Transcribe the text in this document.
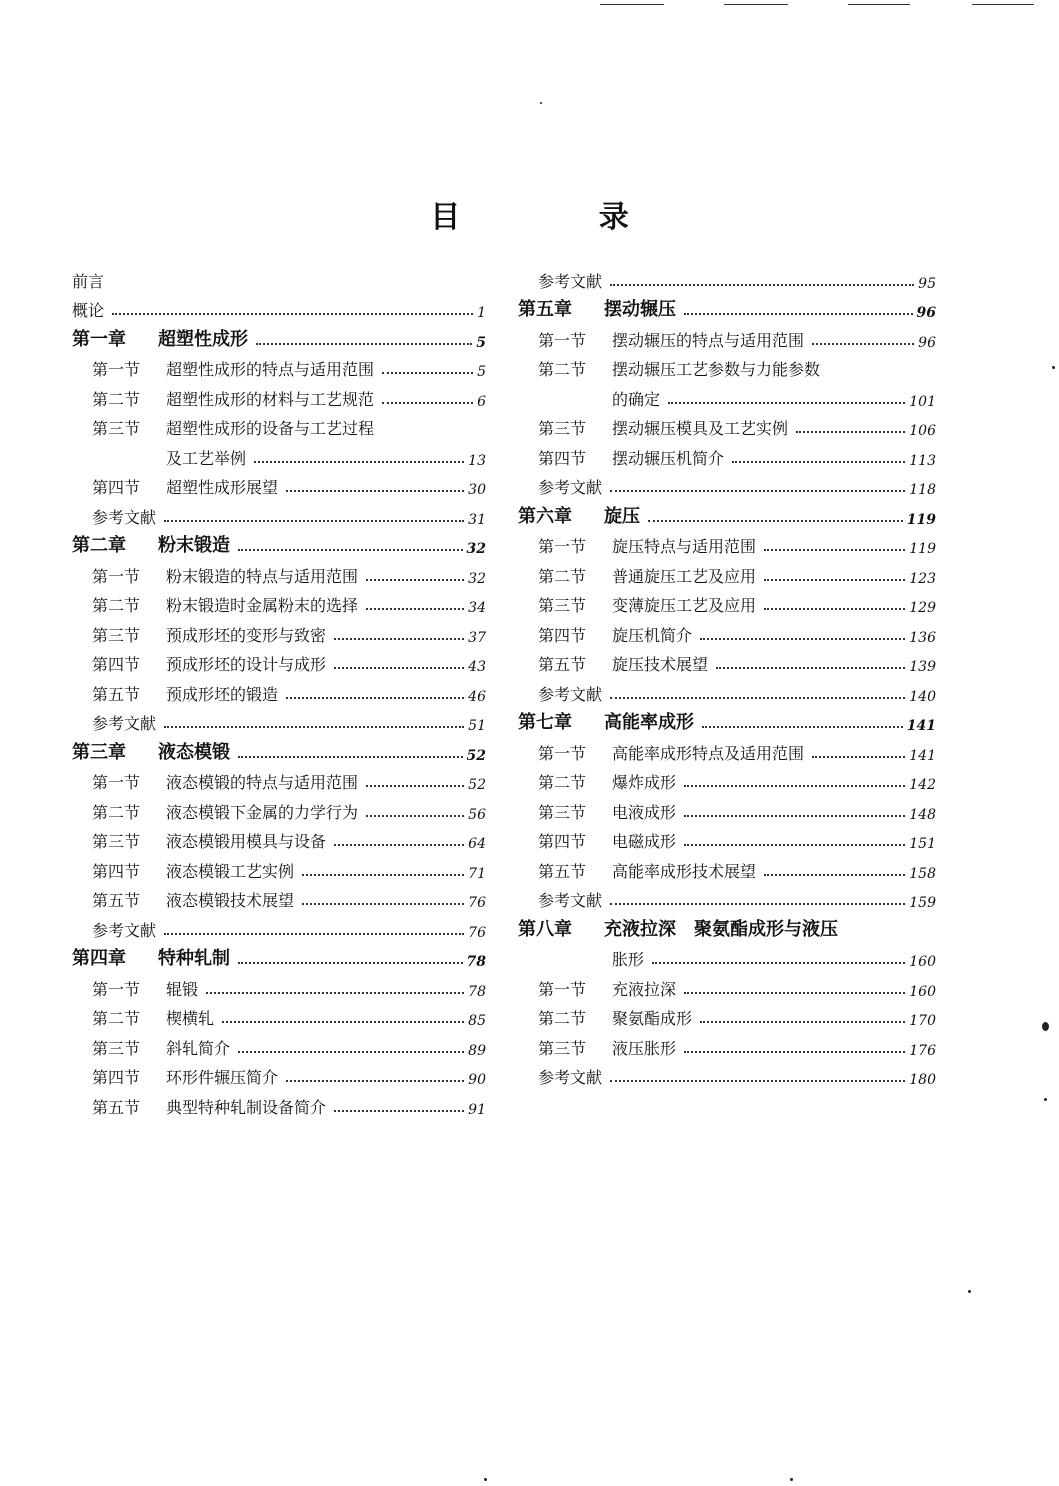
目 录
前言
概论	1
第一章	超塑性成形	5
第一节	超塑性成形的特点与适用范围	5
第二节	超塑性成形的材料与工艺规范	6
第三节	超塑性成形的设备与工艺过程
及工艺举例	13
第四节	超塑性成形展望	30
参考文献	31
第二章	粉末锻造	32
第一节	粉末锻造的特点与适用范围	32
第二节	粉末锻造时金属粉末的选择	34
第三节	预成形坯的变形与致密	37
第四节	预成形坯的设计与成形	43
第五节	预成形坯的锻造	46
参考文献	51
第三章	液态模锻	52
第一节	液态模锻的特点与适用范围	52
第二节	液态模锻下金属的力学行为	56
第三节	液态模锻用模具与设备	64
第四节	液态模锻工艺实例	71
第五节	液态模锻技术展望	76
参考文献	76
第四章	特种轧制	78
第一节	辊锻	78
第二节	楔横轧	85
第三节	斜轧简介	89
第四节	环形件辗压简介	90
第五节	典型特种轧制设备简介	91
参考文献	95
第五章	摆动辗压	96
第一节	摆动辗压的特点与适用范围	96
第二节	摆动辗压工艺参数与力能参数
的确定	101
第三节	摆动辗压模具及工艺实例	106
第四节	摆动辗压机简介	113
参考文献	118
第六章	旋压	119
第一节	旋压特点与适用范围	119
第二节	普通旋压工艺及应用	123
第三节	变薄旋压工艺及应用	129
第四节	旋压机简介	136
第五节	旋压技术展望	139
参考文献	140
第七章	高能率成形	141
第一节	高能率成形特点及适用范围	141
第二节	爆炸成形	142
第三节	电液成形	148
第四节	电磁成形	151
第五节	高能率成形技术展望	158
参考文献	159
第八章	充液拉深　聚氨酯成形与液压
胀形	160
第一节	充液拉深	160
第二节	聚氨酯成形	170
第三节	液压胀形	176
参考文献	180
